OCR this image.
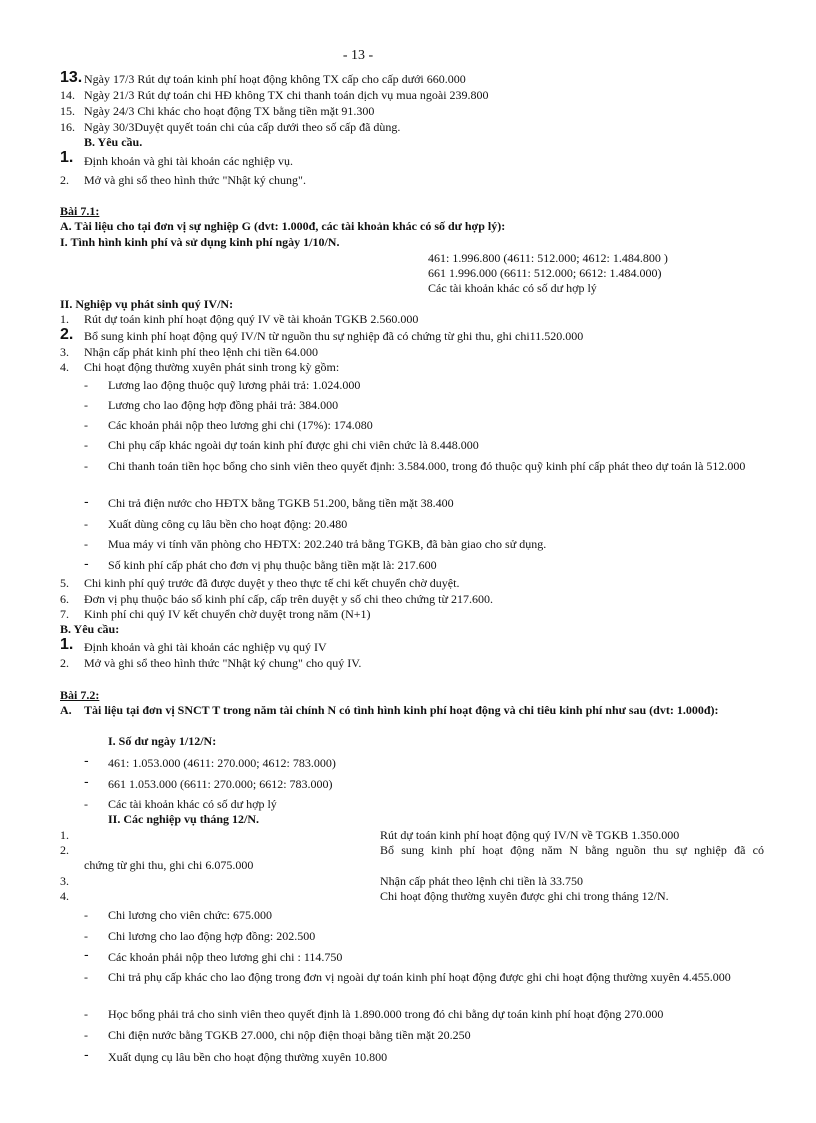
- 13 -
13. Ngày 17/3 Rút dự toán kinh phí hoạt động không TX cấp cho cấp dưới 660.000
14. Ngày 21/3 Rút dự toán chi HĐ không TX chi thanh toán dịch vụ mua ngoài 239.800
15. Ngày 24/3 Chi khác cho hoạt động TX bằng tiền mặt 91.300
16. Ngày 30/3Duyệt quyết toán chi của cấp dưới theo số cấp đã dùng.
B. Yêu cầu.
1. Định khoản và ghi tài khoản các nghiệp vụ.
2.	Mở và ghi sổ theo hình thức "Nhật ký chung".
Bài 7.1:
A. Tài liệu cho tại đơn vị sự nghiệp G (dvt: 1.000đ, các tài khoản khác có số dư hợp lý):
I. Tình hình kinh phí và sử dụng kinh phí ngày 1/10/N.
461: 1.996.800 (4611: 512.000; 4612: 1.484.800 )
661 1.996.000 (6611: 512.000; 6612: 1.484.000)
Các tài khoản khác có số dư hợp lý
II. Nghiệp vụ phát sinh quý IV/N:
1.	Rút dự toán kinh phí hoạt động quý IV về tài khoản TGKB 2.560.000
2. Bổ sung kinh phí hoạt động quý IV/N từ nguồn thu sự nghiệp đã có chứng từ ghi thu, ghi chi11.520.000
3.	Nhận cấp phát kinh phí theo lệnh chi tiền 64.000
4.	Chi hoạt động thường xuyên phát sinh trong kỳ gồm:
- Lương lao động thuộc quỹ lương phải trả: 1.024.000
- Lương cho lao động hợp đồng phải trả: 384.000
- Các khoản phải nộp theo lương ghi chi (17%): 174.080
- Chi phụ cấp khác ngoài dự toán kinh phí được ghi chi viên chức là 8.448.000
- Chi thanh toán tiền học bổng cho sinh viên theo quyết định: 3.584.000, trong đó thuộc quỹ kinh phí cấp phát theo dự toán là 512.000
- Chi trả điện nước cho HĐTX bằng TGKB 51.200, bằng tiền mặt 38.400
- Xuất dùng công cụ lâu bền cho hoạt động: 20.480
- Mua máy vi tính văn phòng cho HĐTX: 202.240 trả bằng TGKB, đã bàn giao cho sử dụng.
- Số kinh phí cấp phát cho đơn vị phụ thuộc bằng tiền mặt là: 217.600
5.	Chi kinh phí quý trước đã được duyệt y theo thực tế chi kết chuyển chờ duyệt.
6.	Đơn vị phụ thuộc báo số kinh phí cấp, cấp trên duyệt y số chi theo chứng từ 217.600.
7.	Kinh phí chi quý IV kết chuyển chờ duyệt trong năm (N+1)
B. Yêu cầu:
1. Định khoản và ghi tài khoản các nghiệp vụ quý IV
2.	Mở và ghi sổ theo hình thức "Nhật ký chung" cho quý IV.
Bài 7.2:
A. Tài liệu tại đơn vị SNCT T trong năm tài chính N có tình hình kinh phí hoạt động và chi tiêu kinh phí như sau (dvt: 1.000đ):
I. Số dư ngày 1/12/N:
- 461: 1.053.000 (4611: 270.000; 4612: 783.000)
- 661 1.053.000 (6611: 270.000; 6612: 783.000)
- Các tài khoản khác có số dư hợp lý
II. Các nghiệp vụ tháng 12/N.
1.	Rút dự toán kinh phí hoạt động quý IV/N về TGKB 1.350.000
2.	Bổ sung kinh phí hoạt động năm N bằng nguồn thu sự nghiệp đã có
chứng từ ghi thu, ghi chi 6.075.000
3.	Nhận cấp phát theo lệnh chi tiền là 33.750
4.	Chi hoạt động thường xuyên được ghi chi trong tháng 12/N.
- Chi lương cho viên chức: 675.000
- Chi lương cho lao động hợp đồng: 202.500
- Các khoản phải nộp theo lương ghi chi : 114.750
- Chi trả phụ cấp khác cho lao động trong đơn vị ngoài dự toán kinh phí hoạt động được ghi chi hoạt động thường xuyên 4.455.000
- Học bổng phải trả cho sinh viên theo quyết định là 1.890.000 trong đó chi bằng dự toán kinh phí hoạt động 270.000
- Chi điện nước bằng TGKB 27.000, chi nộp điện thoại bằng tiền mặt 20.250
- Xuất dụng cụ lâu bền cho hoạt động thường xuyên 10.800
